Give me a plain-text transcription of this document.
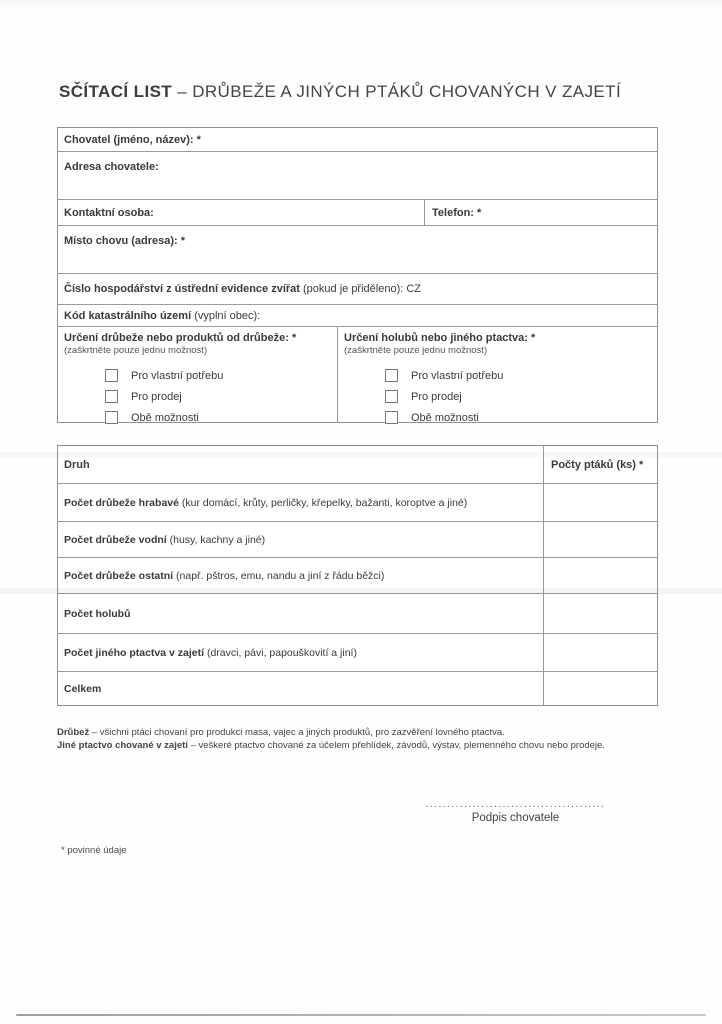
SČÍTACÍ LIST – DRŮBEŽE A JINÝCH PTÁKŮ CHOVANÝCH V ZAJETÍ
Chovatel (jméno, název): *
Adresa chovatele:
Kontaktní osoba:	Telefon: *
Místo chovu (adresa): *
Číslo hospodářství z ústřední evidence zvířat (pokud je přiděleno): CZ
Kód katastrálního území (vyplní obec):
Určení drůbeže nebo produktů od drůbeže: *
(zaškrtněte pouze jednu možnost)
Pro vlastní potřebu
Pro prodej
Obě možnosti
Určení holubů nebo jiného ptactva: *
(zaškrtněte pouze jednu možnost)
Pro vlastní potřebu
Pro prodej
Obě možnosti
Druh	Počty ptáků (ks) *
Počet drůbeže hrabavé (kur domácí, krůty, perličky, křepelky, bažanti, koroptve a jiné)
Počet drůbeže vodní (husy, kachny a jiné)
Počet drůbeže ostatní (např. pštros, emu, nandu a jiní z řádu běžci)
Počet holubů
Počet jiného ptactva v zajetí (dravci, pávi, papouškovití a jiní)
Celkem
Drůbež – všichni ptáci chovaní pro produkci masa, vajec a jiných produktů, pro zazvěření lovného ptactva.
Jiné ptactvo chované v zajetí – veškeré ptactvo chované za účelem přehlídek, závodů, výstav, plemenného chovu nebo prodeje.
..........................................
Podpis chovatele
* povinné údaje
